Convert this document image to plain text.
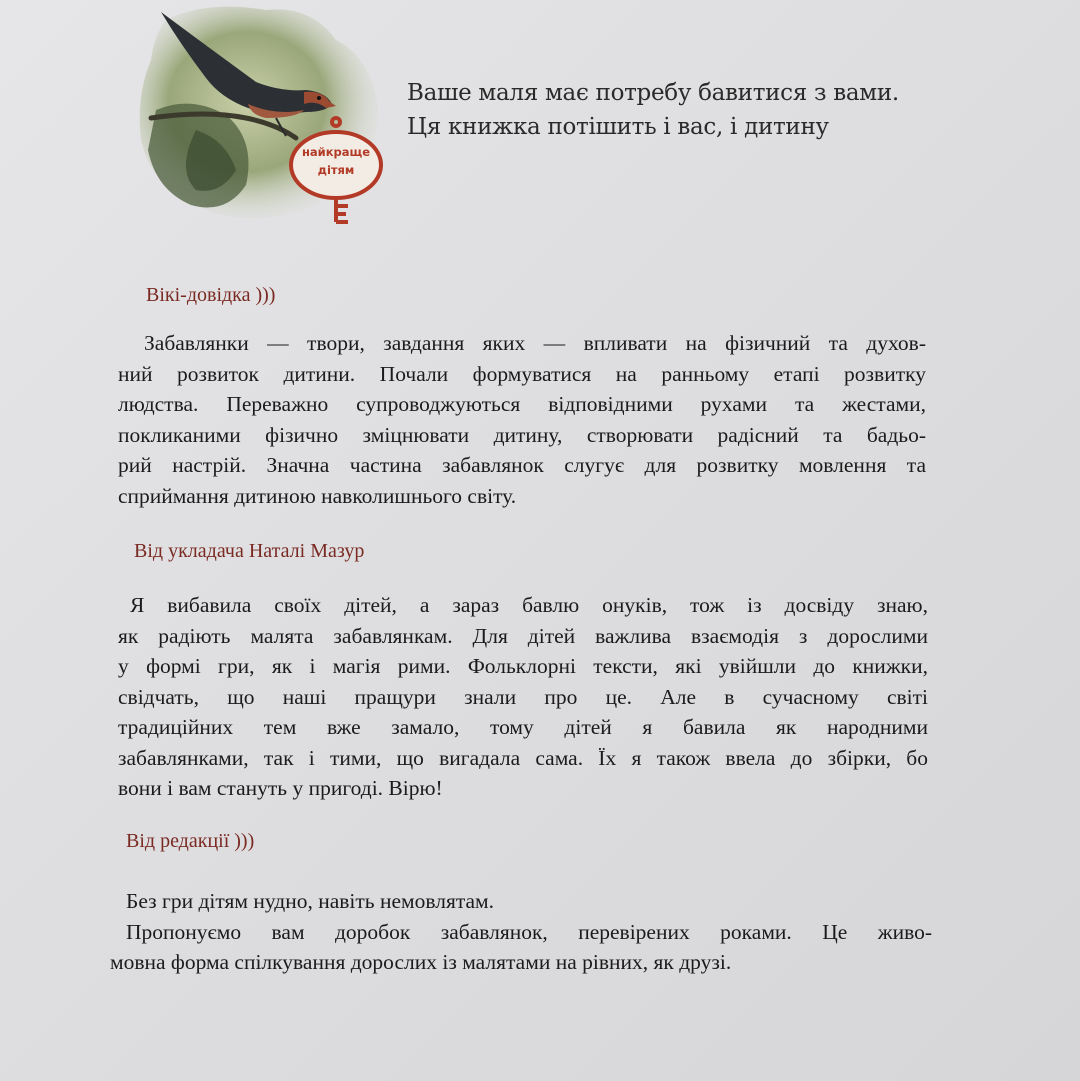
найкраще
дітям
Ваше маля має потребу бавитися з вами.
Ця книжка потішить і вас, і дитину
Вікі-довідка )))
Забавлянки — твори, завдання яких — впливати на фізичний та духов-
ний розвиток дитини. Почали формуватися на ранньому етапі розвитку
людства. Переважно супроводжуються відповідними рухами та жестами,
покликаними фізично зміцнювати дитину, створювати радісний та бадьо-
рий настрій. Значна частина забавлянок слугує для розвитку мовлення та
сприймання дитиною навколишнього світу.
Від укладача Наталі Мазур
Я вибавила своїх дітей, а зараз бавлю онуків, тож із досвіду знаю,
як радіють малята забавлянкам. Для дітей важлива взаємодія з дорослими
у формі гри, як і магія рими. Фольклорні тексти, які увійшли до книжки,
свідчать, що наші пращури знали про це. Але в сучасному світі
традиційних тем вже замало, тому дітей я бавила як народними
забавлянками, так і тими, що вигадала сама. Їх я також ввела до збірки, бо
вони і вам стануть у пригоді. Вірю!
Від редакції )))
Без гри дітям нудно, навіть немовлятам.
Пропонуємо вам доробок забавлянок, перевірених роками. Це живо-
мовна форма спілкування дорослих із малятами на рівних, як друзі.
